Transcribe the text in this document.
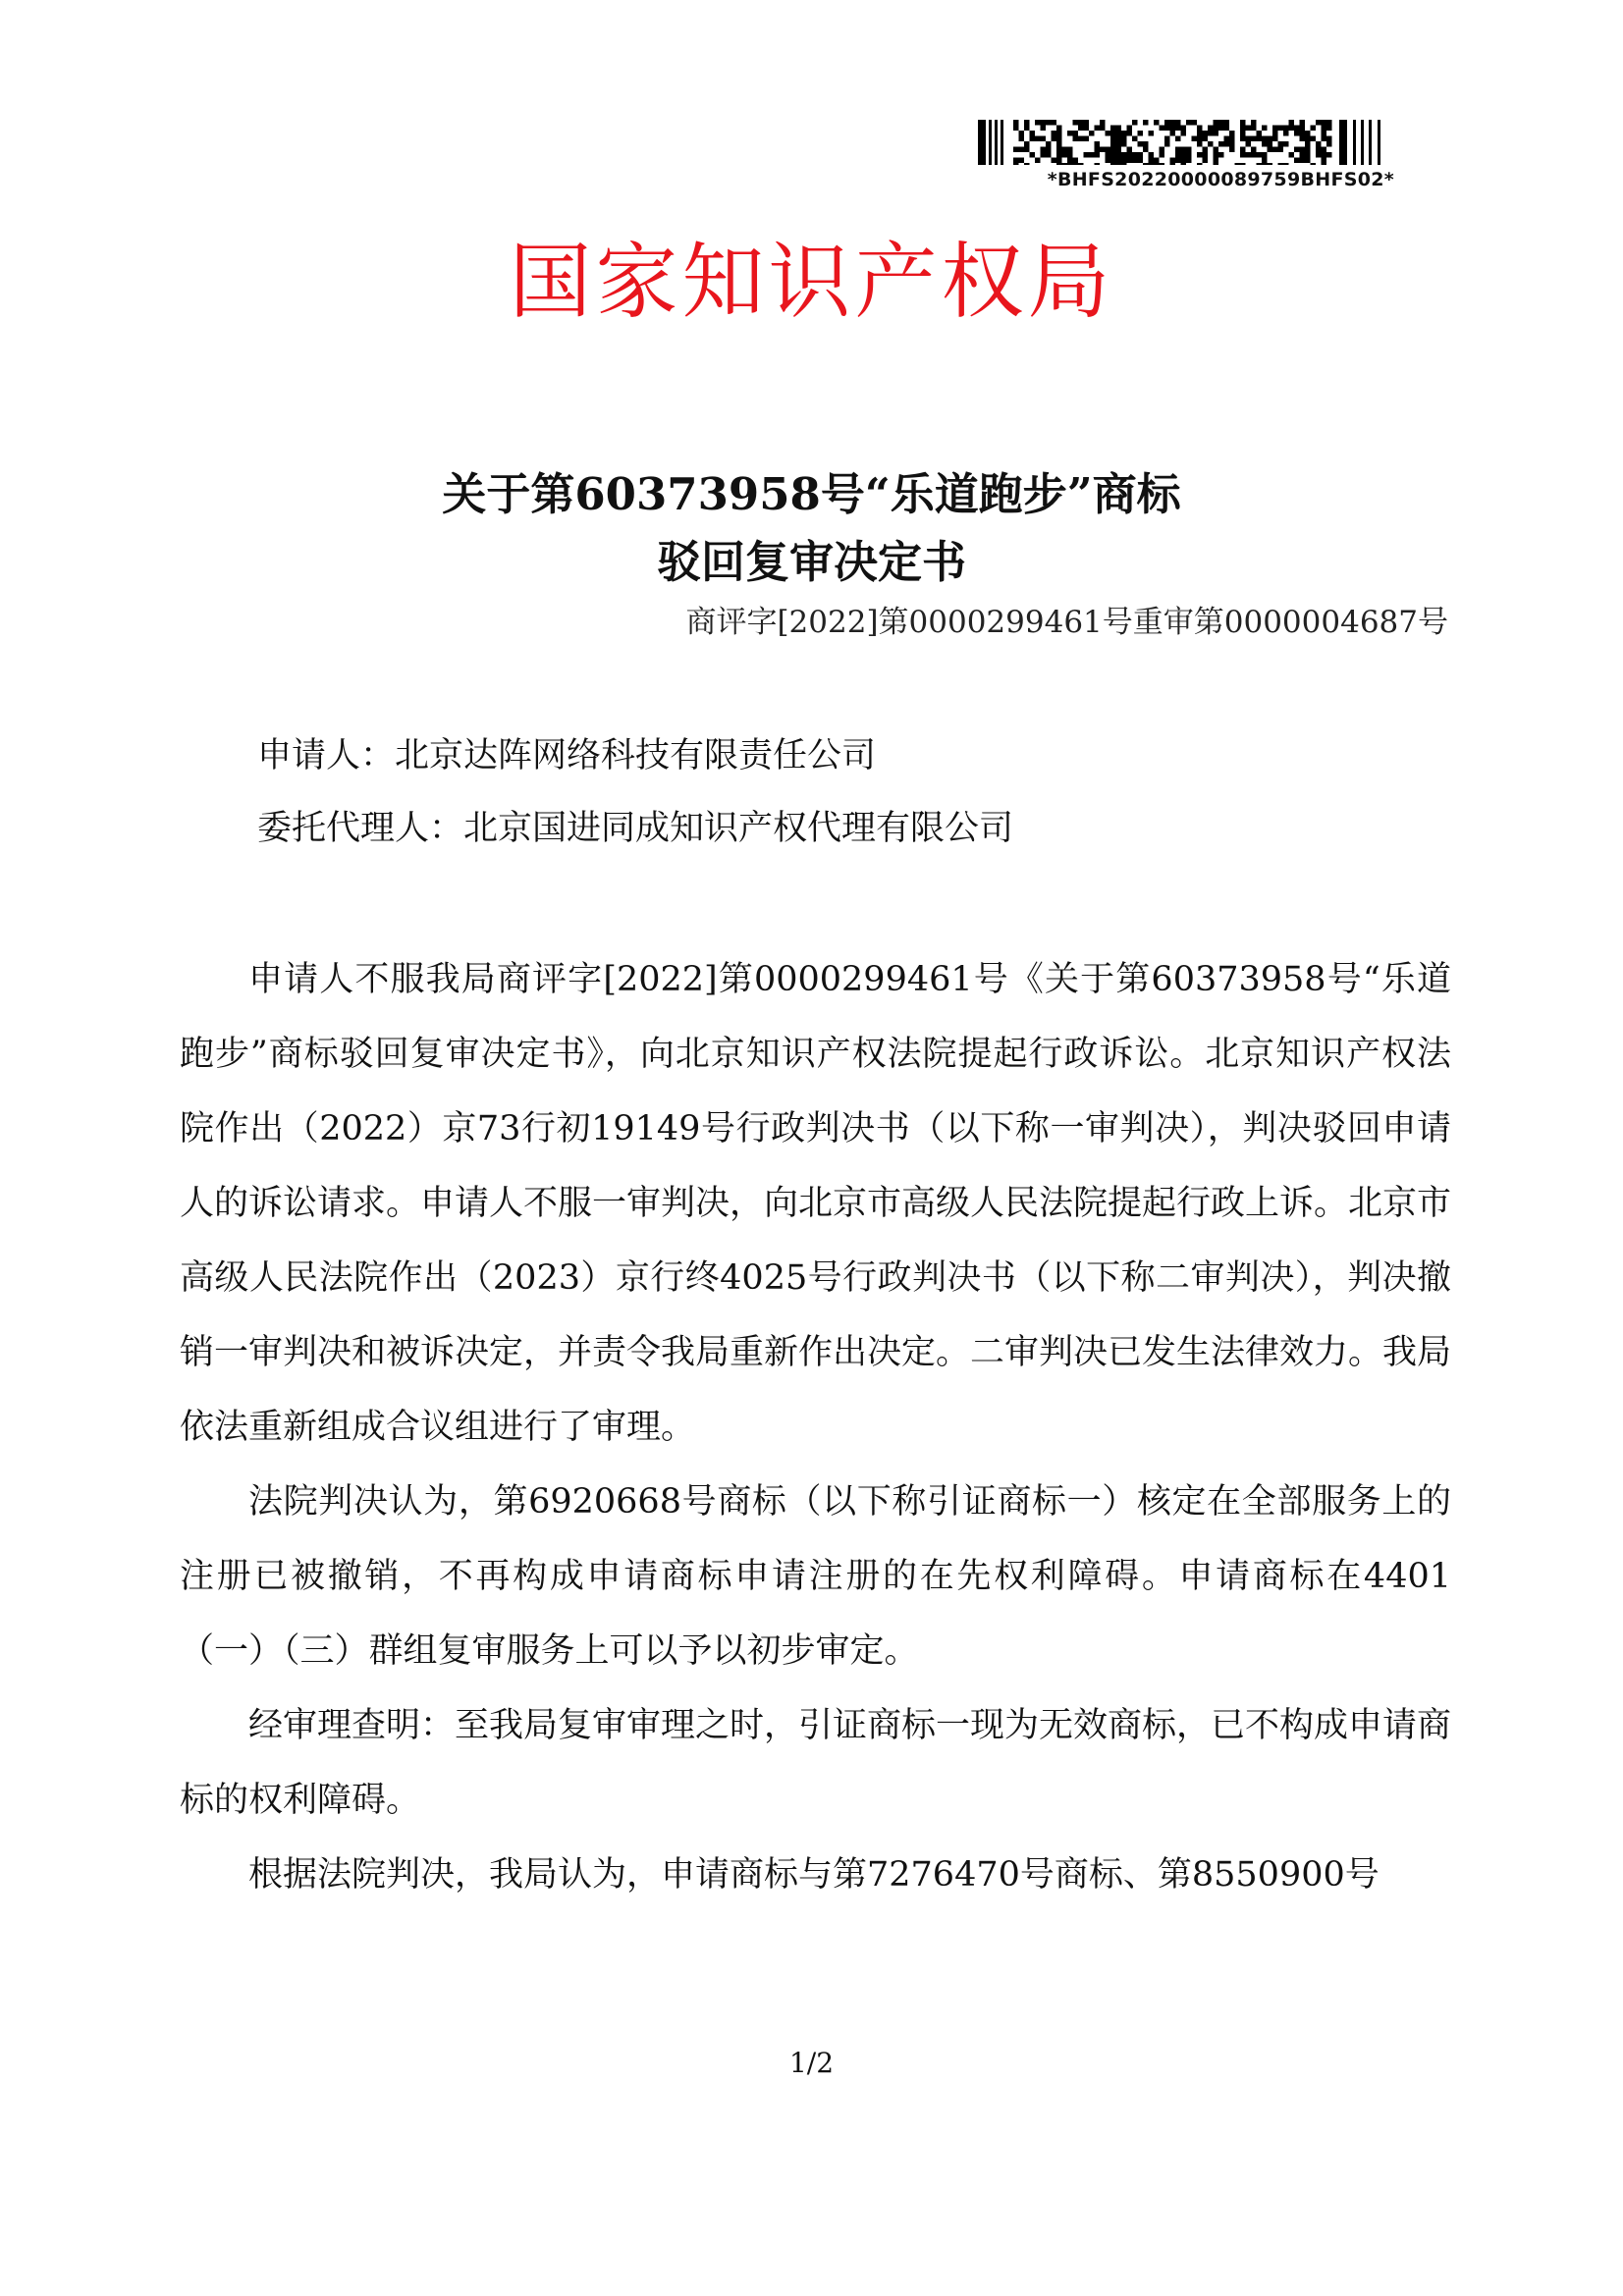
*BHFS20220000089759BHFS02*
国家知识产权局
关于第60373958号“乐道跑步”商标
驳回复审决定书
商评字[2022]第0000299461号重审第0000004687号
申请人：北京达阵网络科技有限责任公司
委托代理人：北京国进同成知识产权代理有限公司

申请人不服我局商评字[2022]第0000299461号《关于第60373958号“乐道跑步”商标驳回复审决定书》，向北京知识产权法院提起行政诉讼。北京知识产权法院作出（2022）京73行初19149号行政判决书（以下称一审判决），判决驳回申请人的诉讼请求。申请人不服一审判决，向北京市高级人民法院提起行政上诉。北京市高级人民法院作出（2023）京行终4025号行政判决书（以下称二审判决），判决撤销一审判决和被诉决定，并责令我局重新作出决定。二审判决已发生法律效力。我局依法重新组成合议组进行了审理。

法院判决认为，第6920668号商标（以下称引证商标一）核定在全部服务上的注册已被撤销，不再构成申请商标申请注册的在先权利障碍。申请商标在4401（一）（三）群组复审服务上可以予以初步审定。

经审理查明：至我局复审审理之时，引证商标一现为无效商标，已不构成申请商标的权利障碍。

根据法院判决，我局认为，申请商标与第7276470号商标、第8550900号

1/2
